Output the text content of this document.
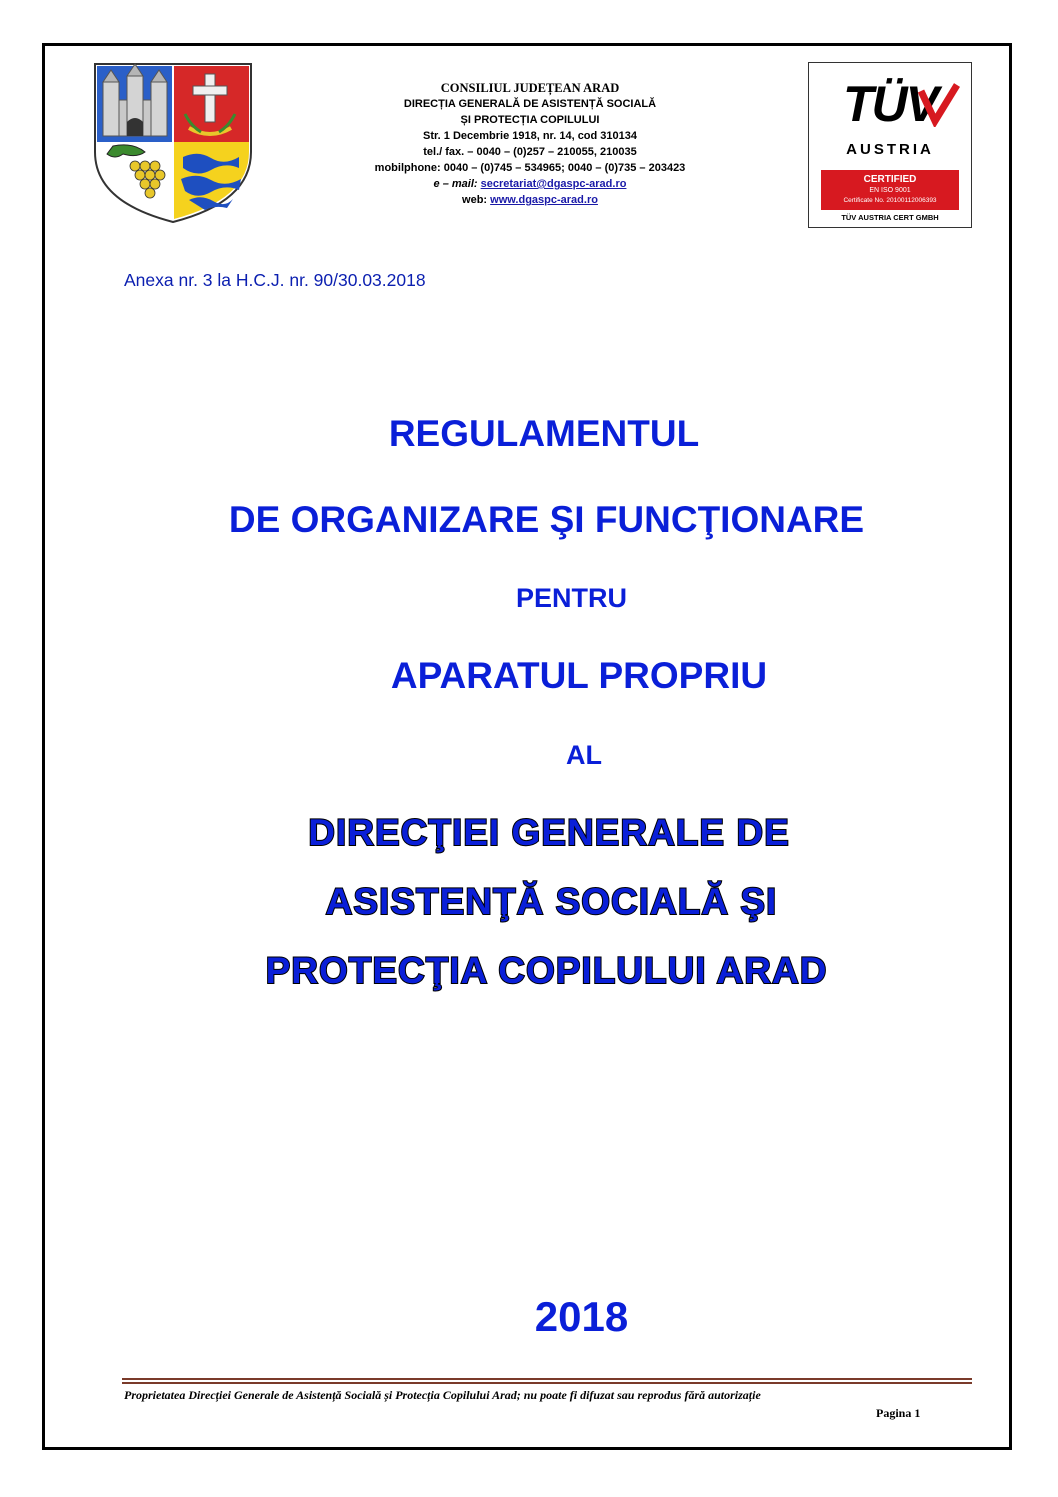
CONSILIUL JUDEȚEAN ARAD
DIRECȚIA GENERALĂ DE ASISTENȚĂ SOCIALĂ
ȘI PROTECȚIA COPILULUI
Str. 1 Decembrie 1918, nr. 14, cod 310134
tel./ fax. – 0040 – (0)257 – 210055, 210035
mobilphone: 0040 – (0)745 – 534965; 0040 – (0)735 – 203423
e – mail: secretariat@dgaspc-arad.ro
web: www.dgaspc-arad.ro
TÜV
AUSTRIA
CERTIFIED
EN ISO 9001
Certificate No. 20100112006393
TÜV AUSTRIA CERT GMBH
Anexa nr. 3 la H.C.J. nr. 90/30.03.2018
REGULAMENTUL
DE ORGANIZARE ŞI FUNCŢIONARE
PENTRU
APARATUL PROPRIU
AL
DIRECŢIEI GENERALE DE
ASISTENŢĂ SOCIALĂ ŞI
PROTECŢIA COPILULUI ARAD
2018
Proprietatea Direcției Generale de Asistență Socială și Protecția Copilului Arad; nu poate fi difuzat sau reprodus fără autorizație
Pagina 1
